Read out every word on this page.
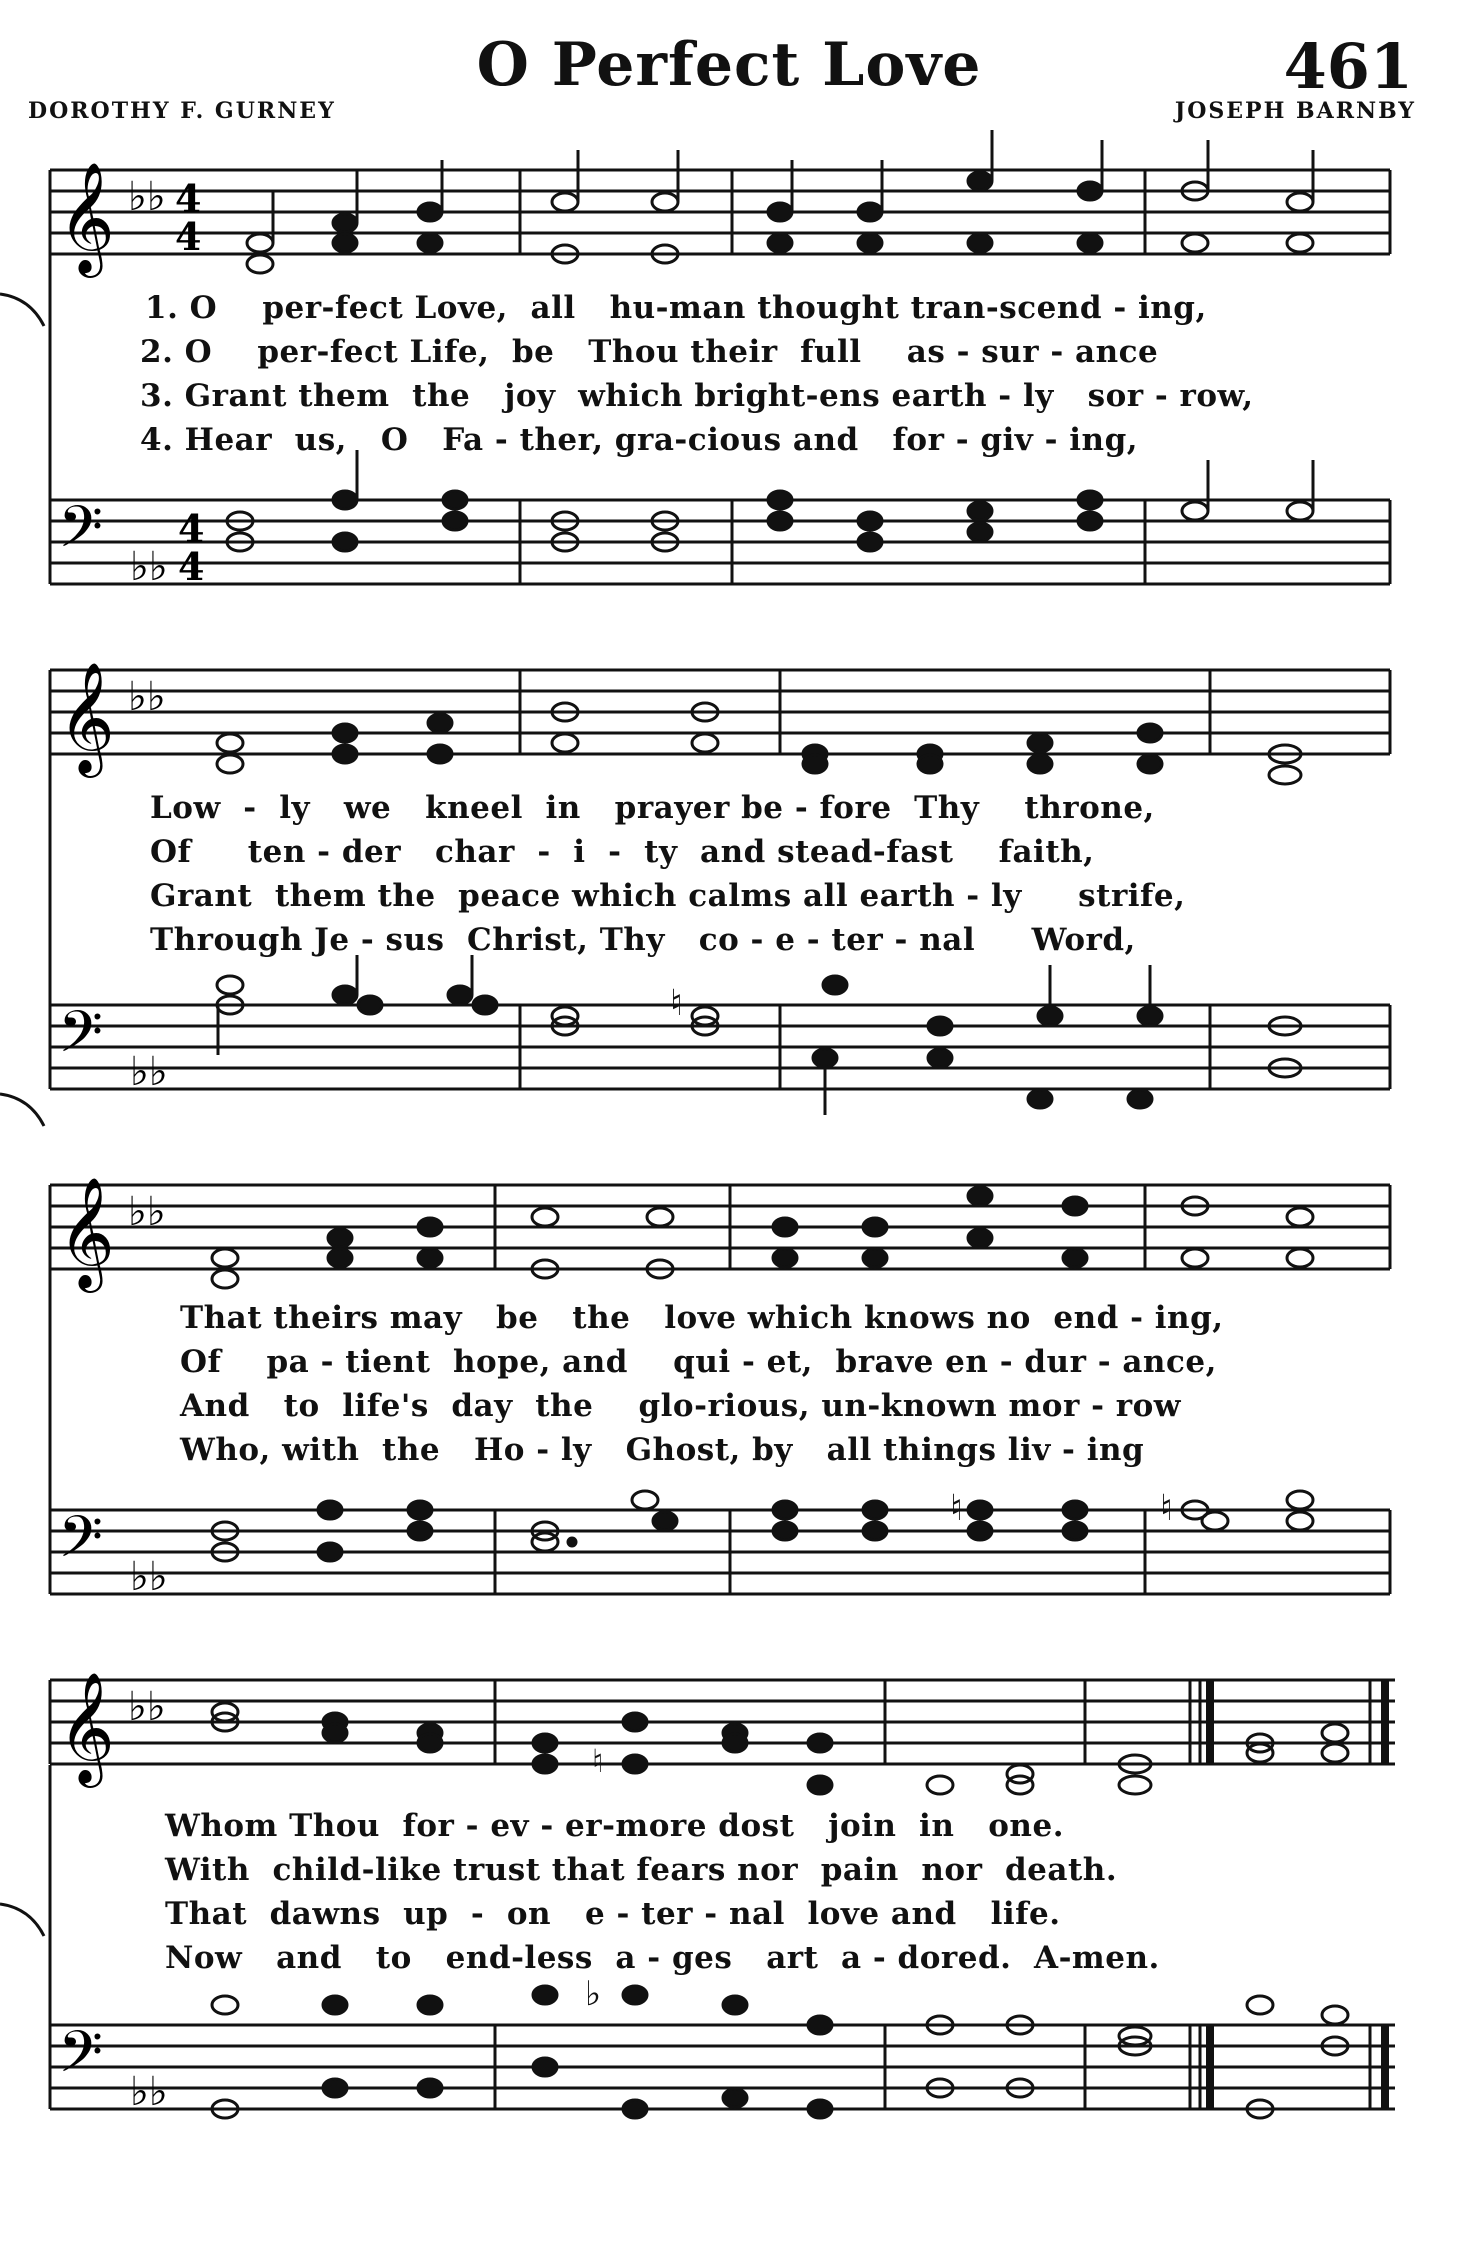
O Perfect Love	461
DOROTHY F. GURNEY	JOSEPH BARNBY
𝄞 ♭♭ 4
4
1. O    per-fect Love,  all   hu-man thought tran-scend - ing,
2. O    per-fect Life,  be   Thou their  full    as - sur - ance
3. Grant them  the   joy  which bright-ens earth - ly   sor - row,
4. Hear  us,   O   Fa - ther, gra-cious and   for - giv - ing,
𝄢 ♭♭
4
4
𝄞 ♭♭
Low  -  ly   we   kneel  in   prayer be - fore  Thy    throne,
Of     ten - der   char  -  i  -  ty  and stead-fast    faith,
Grant  them the  peace which calms all earth - ly     strife,
Through Je - sus  Christ, Thy   co - e - ter - nal     Word,
𝄢 ♭♭
♮
𝄞 ♭♭
That theirs may   be   the   love which knows no  end - ing,
Of    pa - tient  hope, and    qui - et,  brave en - dur - ance,
And   to  life's  day  the    glo-rious, un-known mor - row
Who, with  the   Ho - ly   Ghost, by   all things liv - ing
𝄢 ♭♭
♮	♮
𝄞 ♭♭
♮
Whom Thou  for - ev - er-more dost   join  in   one.
With  child-like trust that fears nor  pain  nor  death.
That  dawns  up  -  on   e - ter - nal  love and   life.
Now   and   to   end-less  a - ges   art  a - dored.  A-men.
𝄢 ♭♭
♭
